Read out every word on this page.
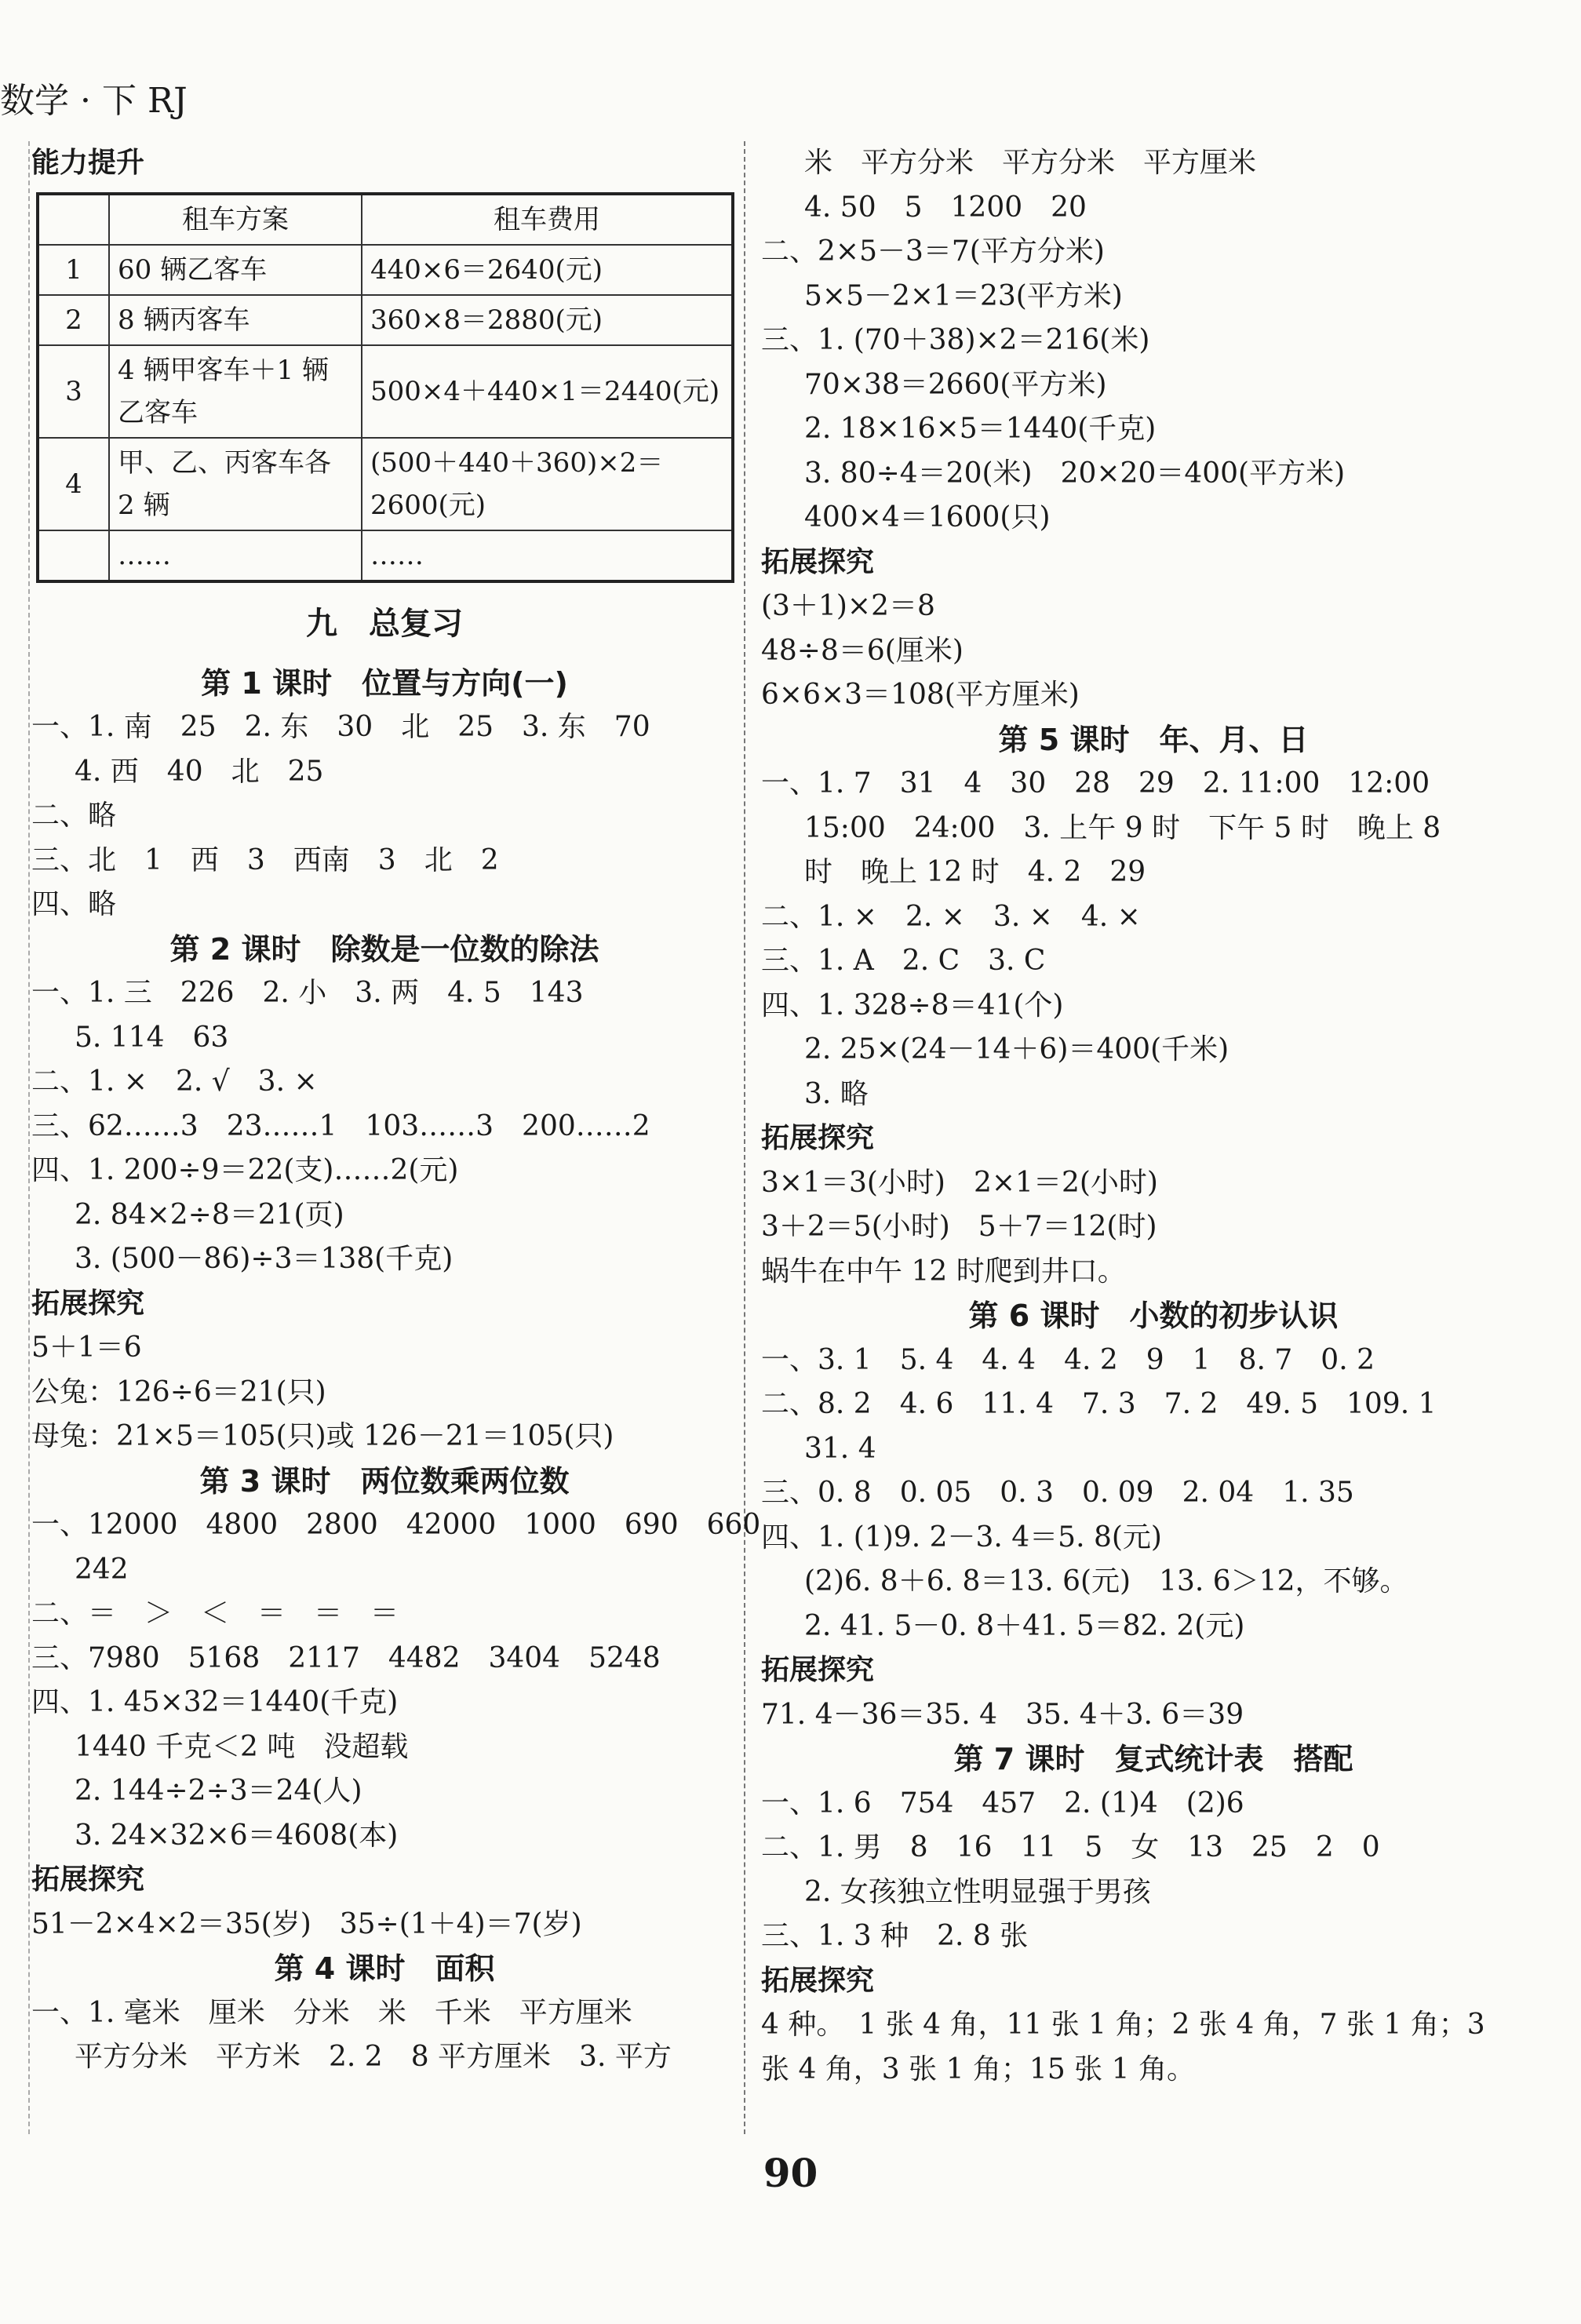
数学 · 下 RJ
能力提升
	租车方案	租车费用
1	60 辆乙客车	440×6＝2640(元)
2	8 辆丙客车	360×8＝2880(元)
3	4 辆甲客车＋1 辆乙客车	500×4＋440×1＝2440(元)
4	甲、乙、丙客车各 2 辆	(500＋440＋360)×2＝2600(元)
	……	……
九　总复习
第 1 课时　位置与方向(一)
一、1. 南　25　2. 东　30　北　25　3. 东　70
4. 西　40　北　25
二、略
三、北　1　西　3　西南　3　北　2
四、略
第 2 课时　除数是一位数的除法
一、1. 三　226　2. 小　3. 两　4. 5　143
5. 114　63
二、1. ×　2. √　3. ×
三、62……3　23……1　103……3　200……2
四、1. 200÷9＝22(支)……2(元)
2. 84×2÷8＝21(页)
3. (500－86)÷3＝138(千克)
拓展探究
5＋1＝6
公兔：126÷6＝21(只)
母兔：21×5＝105(只)或 126－21＝105(只)
第 3 课时　两位数乘两位数
一、12000　4800　2800　42000　1000　690　660
242
二、＝　＞　＜　＝　＝　＝
三、7980　5168　2117　4482　3404　5248
四、1. 45×32＝1440(千克)
1440 千克＜2 吨　没超载
2. 144÷2÷3＝24(人)
3. 24×32×6＝4608(本)
拓展探究
51－2×4×2＝35(岁)　35÷(1＋4)＝7(岁)
第 4 课时　面积
一、1. 毫米　厘米　分米　米　千米　平方厘米
平方分米　平方米　2. 2　8 平方厘米　3. 平方
米　平方分米　平方分米　平方厘米
4. 50　5　1200　20
二、2×5－3＝7(平方分米)
5×5－2×1＝23(平方米)
三、1. (70＋38)×2＝216(米)
70×38＝2660(平方米)
2. 18×16×5＝1440(千克)
3. 80÷4＝20(米)　20×20＝400(平方米)
400×4＝1600(只)
拓展探究
(3＋1)×2＝8
48÷8＝6(厘米)
6×6×3＝108(平方厘米)
第 5 课时　年、月、日
一、1. 7　31　4　30　28　29　2. 11:00　12:00
15:00　24:00　3. 上午 9 时　下午 5 时　晚上 8
时　晚上 12 时　4. 2　29
二、1. ×　2. ×　3. ×　4. ×
三、1. A　2. C　3. C
四、1. 328÷8＝41(个)
2. 25×(24－14＋6)＝400(千米)
3. 略
拓展探究
3×1＝3(小时)　2×1＝2(小时)
3＋2＝5(小时)　5＋7＝12(时)
蜗牛在中午 12 时爬到井口。
第 6 课时　小数的初步认识
一、3. 1　5. 4　4. 4　4. 2　9　1　8. 7　0. 2
二、8. 2　4. 6　11. 4　7. 3　7. 2　49. 5　109. 1
31. 4
三、0. 8　0. 05　0. 3　0. 09　2. 04　1. 35
四、1. (1)9. 2－3. 4＝5. 8(元)
(2)6. 8＋6. 8＝13. 6(元)　13. 6＞12，不够。
2. 41. 5－0. 8＋41. 5＝82. 2(元)
拓展探究
71. 4－36＝35. 4　35. 4＋3. 6＝39
第 7 课时　复式统计表　搭配
一、1. 6　754　457　2. (1)4　(2)6
二、1. 男　8　16　11　5　女　13　25　2　0
2. 女孩独立性明显强于男孩
三、1. 3 种　2. 8 张
拓展探究
4 种。　1 张 4 角，11 张 1 角；2 张 4 角，7 张 1 角；3
张 4 角，3 张 1 角；15 张 1 角。
90
